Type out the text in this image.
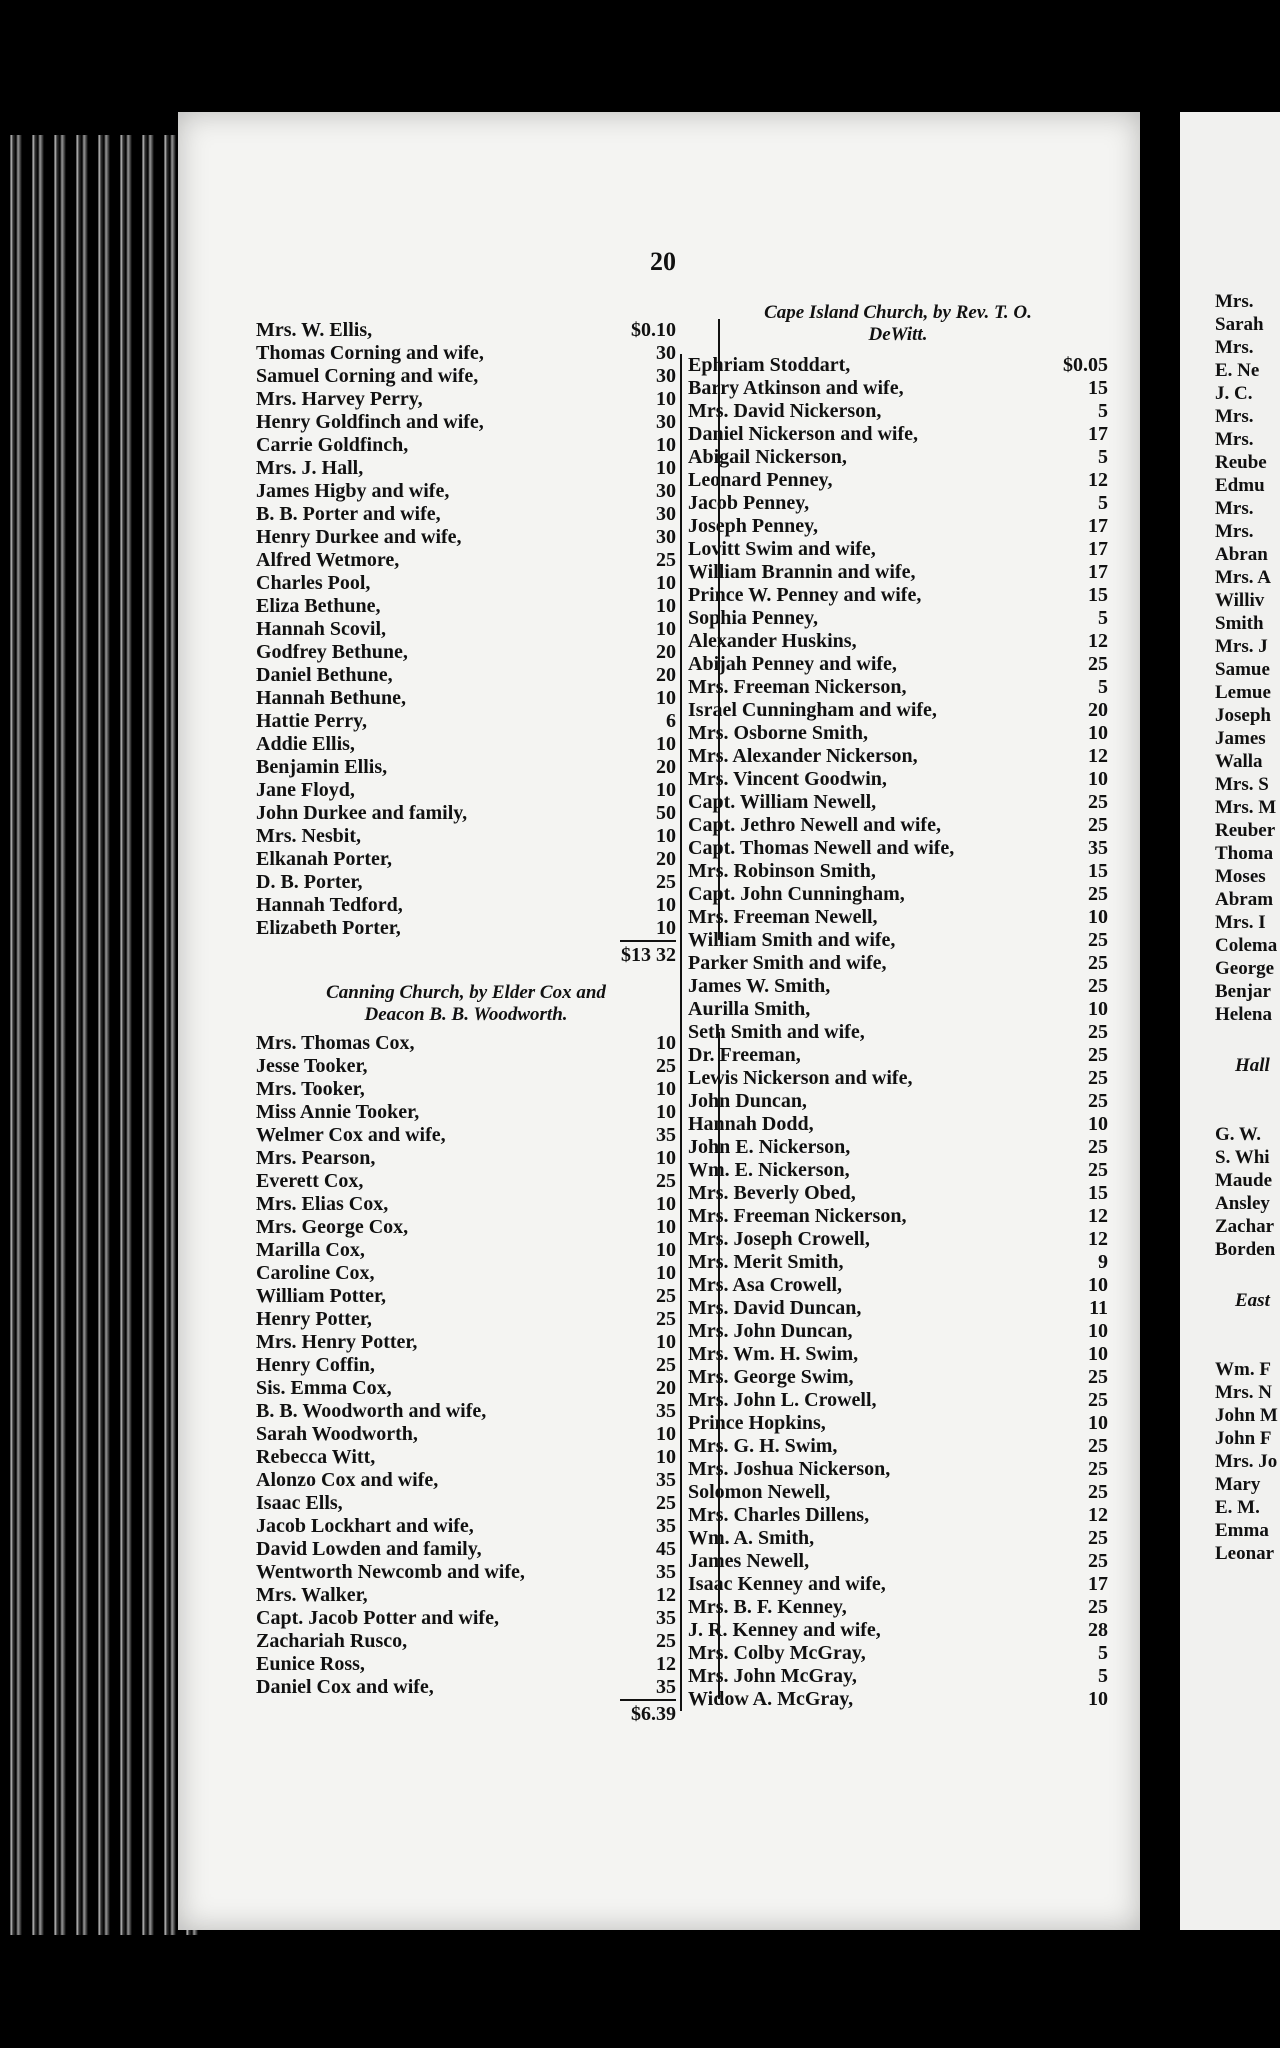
20
Mrs. W. Ellis,	$0.10
Thomas Corning and wife,	30
Samuel Corning and wife,	30
Mrs. Harvey Perry,	10
Henry Goldfinch and wife,	30
Carrie Goldfinch,	10
Mrs. J. Hall,	10
James Higby and wife,	30
B. B. Porter and wife,	30
Henry Durkee and wife,	30
Alfred Wetmore,	25
Charles Pool,	10
Eliza Bethune,	10
Hannah Scovil,	10
Godfrey Bethune,	20
Daniel Bethune,	20
Hannah Bethune,	10
Hattie Perry,	6
Addie Ellis,	10
Benjamin Ellis,	20
Jane Floyd,	10
John Durkee and family,	50
Mrs. Nesbit,	10
Elkanah Porter,	20
D. B. Porter,	25
Hannah Tedford,	10
Elizabeth Porter,	10
$13 32
Canning Church, by Elder Cox and
Deacon B. B. Woodworth.
Mrs. Thomas Cox,	10
Jesse Tooker,	25
Mrs. Tooker,	10
Miss Annie Tooker,	10
Welmer Cox and wife,	35
Mrs. Pearson,	10
Everett Cox,	25
Mrs. Elias Cox,	10
Mrs. George Cox,	10
Marilla Cox,	10
Caroline Cox,	10
William Potter,	25
Henry Potter,	25
Mrs. Henry Potter,	10
Henry Coffin,	25
Sis. Emma Cox,	20
B. B. Woodworth and wife,	35
Sarah Woodworth,	10
Rebecca Witt,	10
Alonzo Cox and wife,	35
Isaac Ells,	25
Jacob Lockhart and wife,	35
David Lowden and family,	45
Wentworth Newcomb and wife,	35
Mrs. Walker,	12
Capt. Jacob Potter and wife,	35
Zachariah Rusco,	25
Eunice Ross,	12
Daniel Cox and wife,	35
$6.39
Cape Island Church, by Rev. T. O.
DeWitt.
Ephriam Stoddart,	$0.05
Barry Atkinson and wife,	15
Mrs. David Nickerson,	5
Daniel Nickerson and wife,	17
Abigail Nickerson,	5
Leonard Penney,	12
Jacob Penney,	5
Joseph Penney,	17
Lovitt Swim and wife,	17
William Brannin and wife,	17
Prince W. Penney and wife,	15
Sophia Penney,	5
Alexander Huskins,	12
Abijah Penney and wife,	25
Mrs. Freeman Nickerson,	5
Israel Cunningham and wife,	20
Mrs. Osborne Smith,	10
Mrs. Alexander Nickerson,	12
Mrs. Vincent Goodwin,	10
Capt. William Newell,	25
Capt. Jethro Newell and wife,	25
Capt. Thomas Newell and wife,	35
Mrs. Robinson Smith,	15
Capt. John Cunningham,	25
Mrs. Freeman Newell,	10
William Smith and wife,	25
Parker Smith and wife,	25
James W. Smith,	25
Aurilla Smith,	10
Seth Smith and wife,	25
Dr. Freeman,	25
Lewis Nickerson and wife,	25
John Duncan,	25
Hannah Dodd,	10
John E. Nickerson,	25
Wm. E. Nickerson,	25
Mrs. Beverly Obed,	15
Mrs. Freeman Nickerson,	12
Mrs. Joseph Crowell,	12
Mrs. Merit Smith,	9
Mrs. Asa Crowell,	10
Mrs. David Duncan,	11
Mrs. John Duncan,	10
Mrs. Wm. H. Swim,	10
Mrs. George Swim,	25
Mrs. John L. Crowell,	25
Prince Hopkins,	10
Mrs. G. H. Swim,	25
Mrs. Joshua Nickerson,	25
Solomon Newell,	25
Mrs. Charles Dillens,	12
Wm. A. Smith,	25
James Newell,	25
Isaac Kenney and wife,	17
Mrs. B. F. Kenney,	25
J. R. Kenney and wife,	28
Mrs. Colby McGray,	5
Mrs. John McGray,	5
Widow A. McGray,	10
Mrs.
Sarah
Mrs.
E. Ne
J. C.
Mrs.
Mrs.
Reube
Edmu
Mrs.
Mrs.
Abran
Mrs. A
Williv
Smith
Mrs. J
Samue
Lemue
Joseph
James
Walla
Mrs. S
Mrs. M
Reuber
Thoma
Moses
Abram
Mrs. I
Colema
George
Benjar
Helena
Hall
G. W.
S. Whi
Maude
Ansley
Zachar
Borden
East
Wm. F
Mrs. N
John M
John F
Mrs. Jo
Mary
E. M.
Emma
Leonar
